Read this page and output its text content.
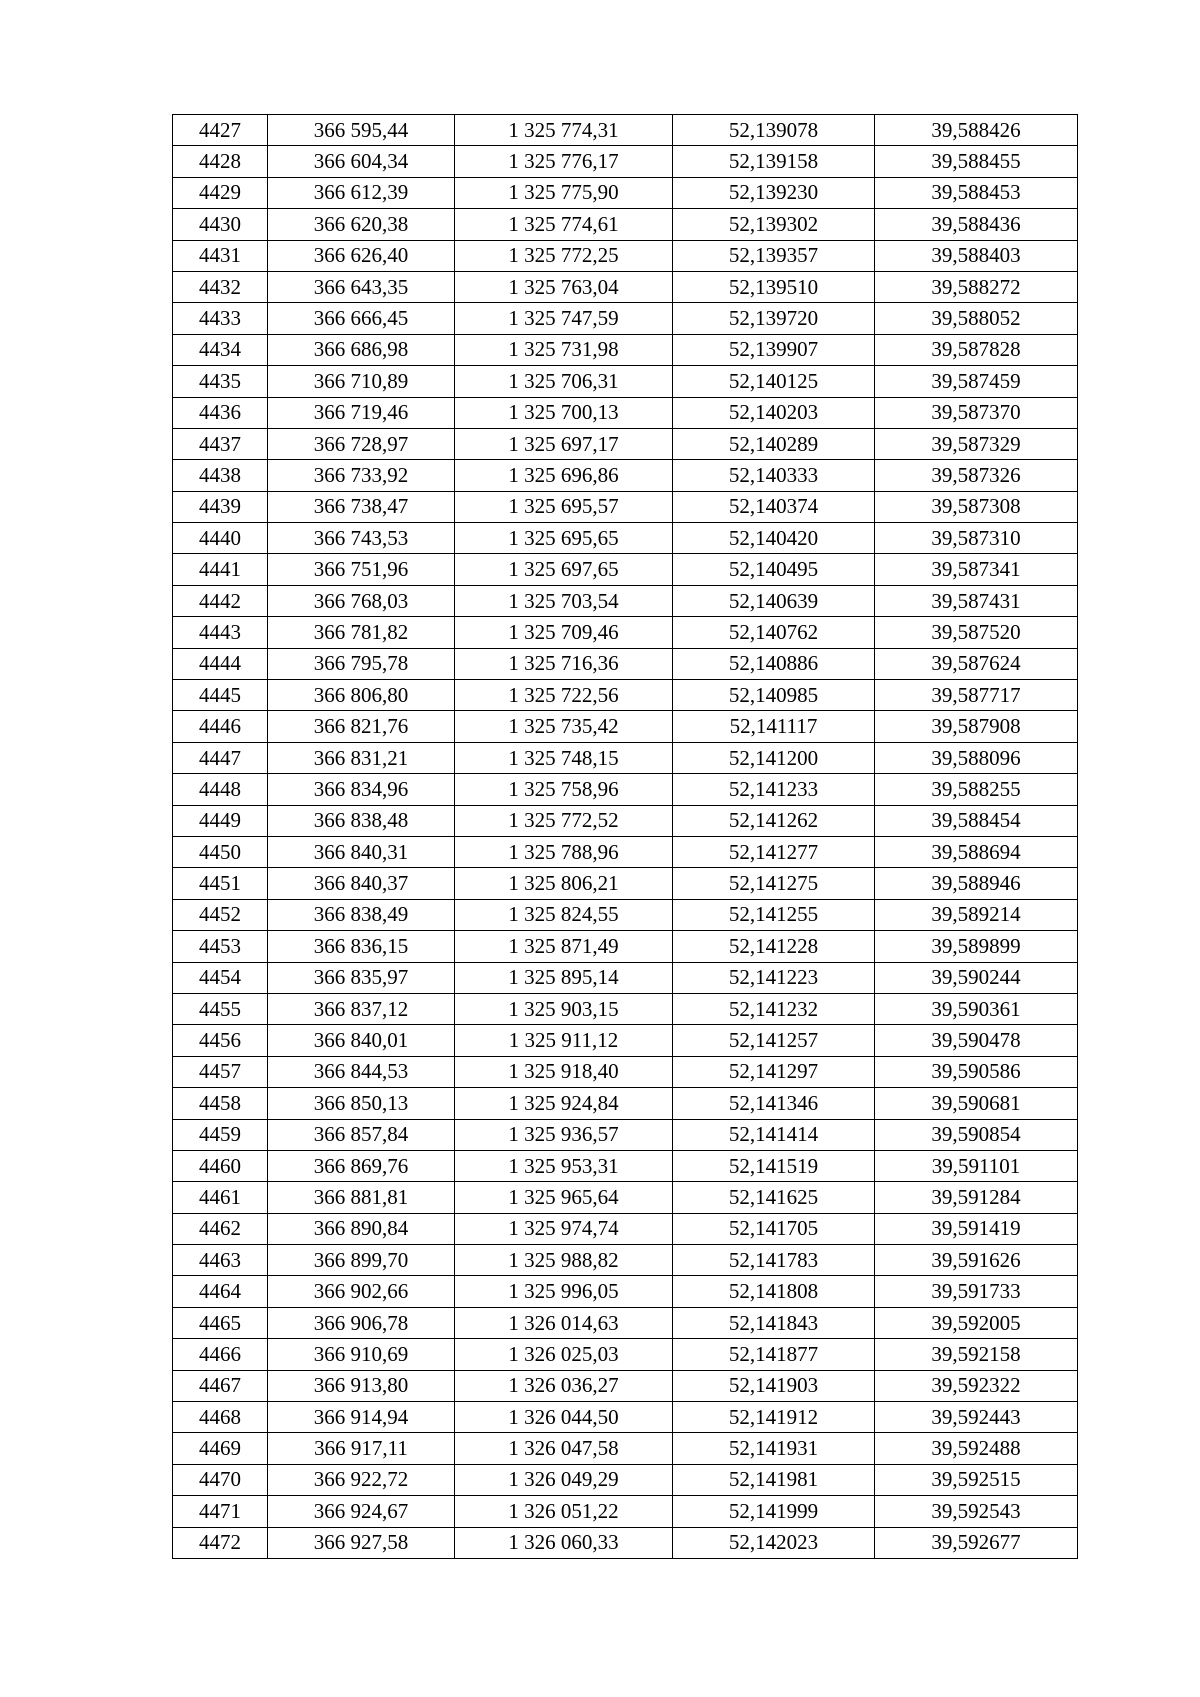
4427	366 595,44	1 325 774,31	52,139078	39,588426
4428	366 604,34	1 325 776,17	52,139158	39,588455
4429	366 612,39	1 325 775,90	52,139230	39,588453
4430	366 620,38	1 325 774,61	52,139302	39,588436
4431	366 626,40	1 325 772,25	52,139357	39,588403
4432	366 643,35	1 325 763,04	52,139510	39,588272
4433	366 666,45	1 325 747,59	52,139720	39,588052
4434	366 686,98	1 325 731,98	52,139907	39,587828
4435	366 710,89	1 325 706,31	52,140125	39,587459
4436	366 719,46	1 325 700,13	52,140203	39,587370
4437	366 728,97	1 325 697,17	52,140289	39,587329
4438	366 733,92	1 325 696,86	52,140333	39,587326
4439	366 738,47	1 325 695,57	52,140374	39,587308
4440	366 743,53	1 325 695,65	52,140420	39,587310
4441	366 751,96	1 325 697,65	52,140495	39,587341
4442	366 768,03	1 325 703,54	52,140639	39,587431
4443	366 781,82	1 325 709,46	52,140762	39,587520
4444	366 795,78	1 325 716,36	52,140886	39,587624
4445	366 806,80	1 325 722,56	52,140985	39,587717
4446	366 821,76	1 325 735,42	52,141117	39,587908
4447	366 831,21	1 325 748,15	52,141200	39,588096
4448	366 834,96	1 325 758,96	52,141233	39,588255
4449	366 838,48	1 325 772,52	52,141262	39,588454
4450	366 840,31	1 325 788,96	52,141277	39,588694
4451	366 840,37	1 325 806,21	52,141275	39,588946
4452	366 838,49	1 325 824,55	52,141255	39,589214
4453	366 836,15	1 325 871,49	52,141228	39,589899
4454	366 835,97	1 325 895,14	52,141223	39,590244
4455	366 837,12	1 325 903,15	52,141232	39,590361
4456	366 840,01	1 325 911,12	52,141257	39,590478
4457	366 844,53	1 325 918,40	52,141297	39,590586
4458	366 850,13	1 325 924,84	52,141346	39,590681
4459	366 857,84	1 325 936,57	52,141414	39,590854
4460	366 869,76	1 325 953,31	52,141519	39,591101
4461	366 881,81	1 325 965,64	52,141625	39,591284
4462	366 890,84	1 325 974,74	52,141705	39,591419
4463	366 899,70	1 325 988,82	52,141783	39,591626
4464	366 902,66	1 325 996,05	52,141808	39,591733
4465	366 906,78	1 326 014,63	52,141843	39,592005
4466	366 910,69	1 326 025,03	52,141877	39,592158
4467	366 913,80	1 326 036,27	52,141903	39,592322
4468	366 914,94	1 326 044,50	52,141912	39,592443
4469	366 917,11	1 326 047,58	52,141931	39,592488
4470	366 922,72	1 326 049,29	52,141981	39,592515
4471	366 924,67	1 326 051,22	52,141999	39,592543
4472	366 927,58	1 326 060,33	52,142023	39,592677
